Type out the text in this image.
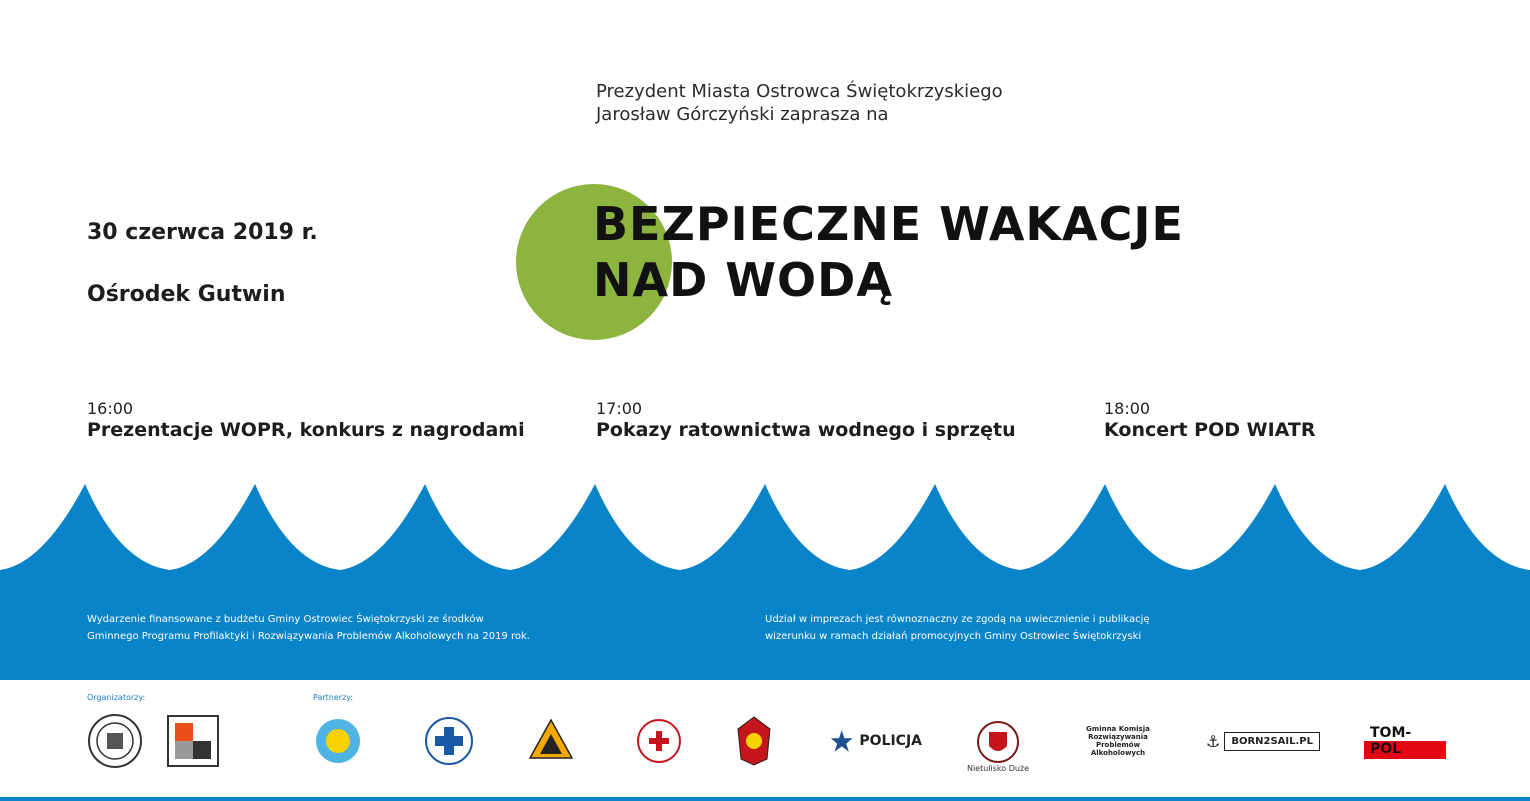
Prezydent Miasta Ostrowca Świętokrzyskiego
Jarosław Górczyński zaprasza na
30 czerwca 2019 r.
Ośrodek Gutwin
BEZPIECZNE WAKACJE
NAD WODĄ
16:00
Prezentacje WOPR, konkurs z nagrodami
17:00
Pokazy ratownictwa wodnego i sprzętu
18:00
Koncert POD WIATR
Wydarzenie finansowane z budżetu Gminy Ostrowiec Świętokrzyski ze środków
Gminnego Programu Profilaktyki i Rozwiązywania Problemów Alkoholowych na 2019 rok.
Udział w imprezach jest równoznaczny ze zgodą na uwiecznienie i publikację
wizerunku w ramach działań promocyjnych Gminy Ostrowiec Świętokrzyski
Organizatorzy:	Partnerzy:
POLICJA
Nietulisko Duże
Gminna Komisja Rozwiązywania Problemów Alkoholowych
⚓	BORN2SAIL.PL	TOM-POL
